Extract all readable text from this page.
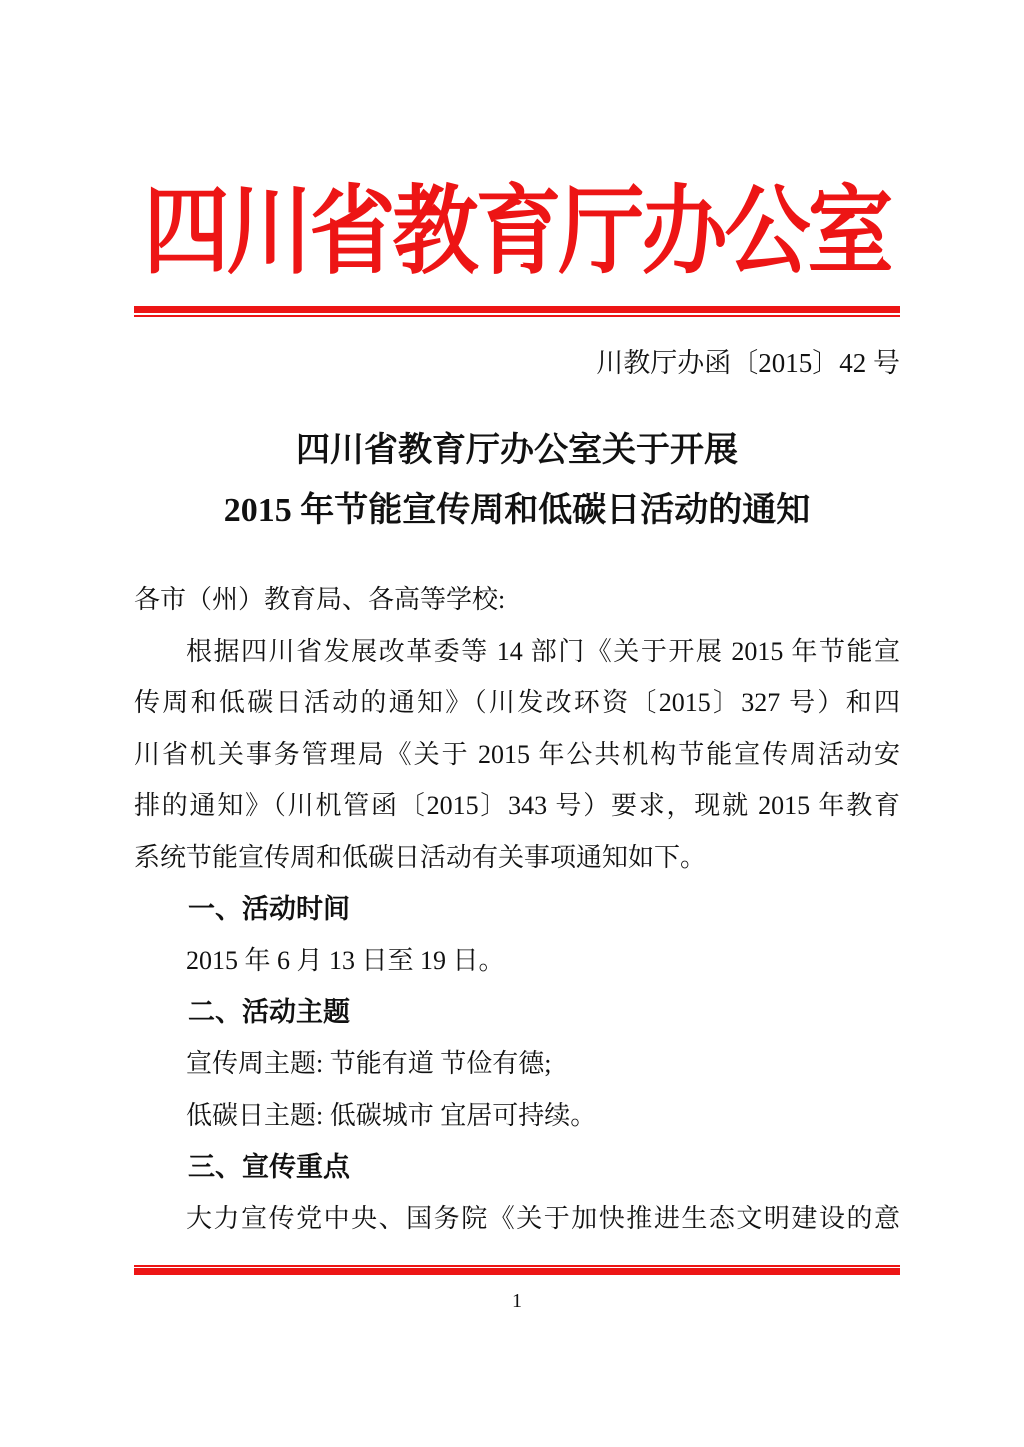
四川省教育厅办公室
川教厅办函〔2015〕42 号
四川省教育厅办公室关于开展
2015 年节能宣传周和低碳日活动的通知
各市（州）教育局、各高等学校:
根据四川省发展改革委等 14 部门《关于开展 2015 年节能宣
传周和低碳日活动的通知》（川发改环资〔2015〕327 号）和四
川省机关事务管理局《关于 2015 年公共机构节能宣传周活动安
排的通知》（川机管函〔2015〕343 号）要求，现就 2015 年教育
系统节能宣传周和低碳日活动有关事项通知如下。
一、活动时间
2015 年 6 月 13 日至 19 日。
二、活动主题
宣传周主题: 节能有道 节俭有德;
低碳日主题: 低碳城市 宜居可持续。
三、宣传重点
大力宣传党中央、国务院《关于加快推进生态文明建设的意
1
